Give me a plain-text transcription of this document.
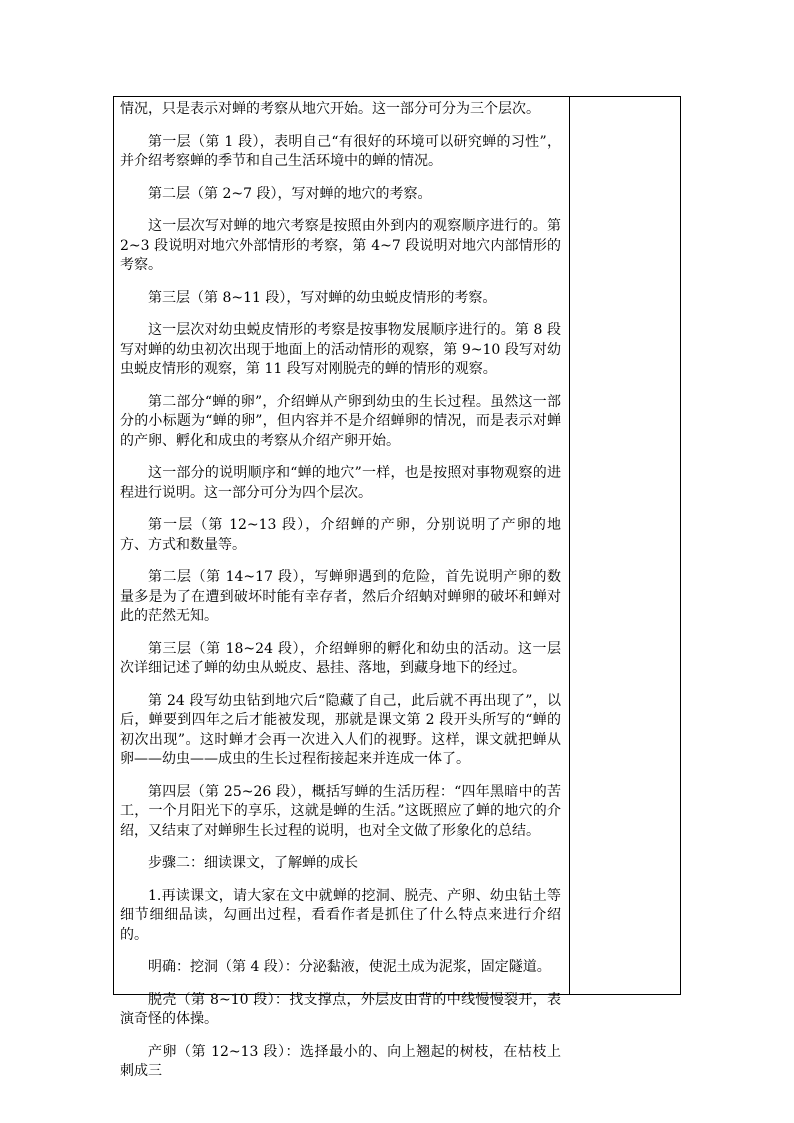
情况，只是表示对蝉的考察从地穴开始。这一部分可分为三个层次。

第一层（第 1 段），表明自己“有很好的环境可以研究蝉的习性”，并介绍考察蝉的季节和自己生活环境中的蝉的情况。

第二层（第 2~7 段），写对蝉的地穴的考察。

这一层次写对蝉的地穴考察是按照由外到内的观察顺序进行的。第 2~3 段说明对地穴外部情形的考察，第 4~7 段说明对地穴内部情形的考察。

第三层（第 8~11 段），写对蝉的幼虫蜕皮情形的考察。

这一层次对幼虫蜕皮情形的考察是按事物发展顺序进行的。第 8 段写对蝉的幼虫初次出现于地面上的活动情形的观察，第 9~10 段写对幼虫蜕皮情形的观察，第 11 段写对刚脱壳的蝉的情形的观察。

第二部分“蝉的卵”，介绍蝉从产卵到幼虫的生长过程。虽然这一部分的小标题为“蝉的卵”，但内容并不是介绍蝉卵的情况，而是表示对蝉的产卵、孵化和成虫的考察从介绍产卵开始。

这一部分的说明顺序和“蝉的地穴”一样，也是按照对事物观察的进程进行说明。这一部分可分为四个层次。

第一层（第 12~13 段），介绍蝉的产卵，分别说明了产卵的地方、方式和数量等。

第二层（第 14~17 段），写蝉卵遇到的危险，首先说明产卵的数量多是为了在遭到破坏时能有幸存者，然后介绍蚋对蝉卵的破坏和蝉对此的茫然无知。

第三层（第 18~24 段），介绍蝉卵的孵化和幼虫的活动。这一层次详细记述了蝉的幼虫从蜕皮、悬挂、落地，到藏身地下的经过。

第 24 段写幼虫钻到地穴后“隐藏了自己，此后就不再出现了”，以后，蝉要到四年之后才能被发现，那就是课文第 2 段开头所写的“蝉的初次出现”。这时蝉才会再一次进入人们的视野。这样，课文就把蝉从卵——幼虫——成虫的生长过程衔接起来并连成一体了。

第四层（第 25~26 段），概括写蝉的生活历程：“四年黑暗中的苦工，一个月阳光下的享乐，这就是蝉的生活。”这既照应了蝉的地穴的介绍，又结束了对蝉卵生长过程的说明，也对全文做了形象化的总结。

步骤二：细读课文，了解蝉的成长

1.再读课文，请大家在文中就蝉的挖洞、脱壳、产卵、幼虫钻土等细节细细品读，勾画出过程，看看作者是抓住了什么特点来进行介绍的。

明确：挖洞（第 4 段）：分泌黏液，使泥土成为泥浆，固定隧道。

脱壳（第 8~10 段）：找支撑点，外层皮由背的中线慢慢裂开，表演奇怪的体操。

产卵（第 12~13 段）：选择最小的、向上翘起的树枝，在枯枝上刺成三
